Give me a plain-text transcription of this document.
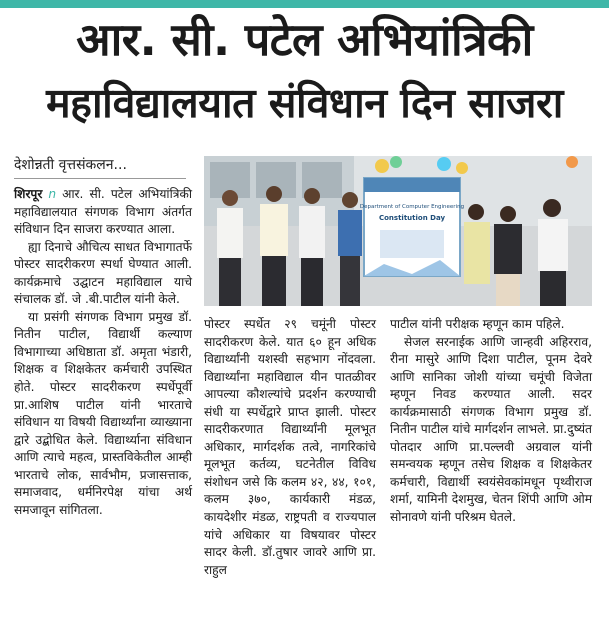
आर. सी. पटेल अभियांत्रिकी
महाविद्यालयात संविधान दिन साजरा
देशोन्नती वृत्तसंकलन...

शिरपूर n आर. सी. पटेल अभियांत्रिकी महाविद्यालयात संगणक विभाग अंतर्गत संविधान दिन साजरा करण्यात आला.

ह्या दिनाचे औचित्य साधत विभागातर्फे पोस्टर सादरीकरण स्पर्धा घेण्यात आली. कार्यक्रमाचे उद्घाटन महाविद्याल याचे संचालक डॉ. जे .बी.पाटील यांनी केले.

या प्रसंगी संगणक विभाग प्रमुख डॉ. नितीन पाटील, विद्यार्थी कल्याण विभागाच्या अधिष्ठाता डॉ. अमृता भंडारी, शिक्षक व शिक्षकेतर कर्मचारी उपस्थित होते. पोस्टर सादरीकरण स्पर्धेपूर्वी प्रा.आशिष पाटील यांनी भारताचे संविधान या विषयी विद्यार्थ्यांना व्याख्याना द्वारे उद्बोधित केले. विद्यार्थ्याना संविधान आणि त्याचे महत्व, प्रास्तविकेतील आम्ही भारताचे लोक, सार्वभौम, प्रजासत्ताक, समाजवाद, धर्मनिरपेक्ष यांचा अर्थ समजावून सांगितला.

Department of Computer Engineering
Constitution Day

पोस्टर स्पर्धेत २९ चमूंनी पोस्टर सादरीकरण केले. यात ६० हून अधिक विद्यार्थ्यांनी यशस्वी सहभाग नोंदवला. विद्यार्थ्यांना महाविद्याल यीन पातळीवर आपल्या कौशल्यांचे प्रदर्शन करण्याची संधी या स्पर्धेद्वारे प्राप्त झाली. पोस्टर सादरीकरणात विद्यार्थ्यांनी मूलभूत अधिकार, मार्गदर्शक तत्वे, नागरिकांचे मूलभूत कर्तव्य, घटनेतील विविध संशोधन जसे कि कलम ४२, ४४, १०१, कलम ३७०, कार्यकारी मंडळ, कायदेशीर मंडळ, राष्ट्रपती व राज्यपाल यांचे अधिकार या विषयावर पोस्टर सादर केली. डॉ.तुषार जावरे आणि प्रा. राहुल

पाटील यांनी परीक्षक म्हणून काम पहिले.

सेजल सरनाईक आणि जान्हवी अहिरराव, रीना मासुरे आणि दिशा पाटील, पूनम देवरे आणि सानिका जोशी यांच्या चमूंची विजेता म्हणून निवड करण्यात आली. सदर कार्यक्रमासाठी संगणक विभाग प्रमुख डॉ. नितीन पाटील यांचे मार्गदर्शन लाभले. प्रा.दुष्यंत पोतदार आणि प्रा.पल्लवी अग्रवाल यांनी समन्वयक म्हणून तसेच शिक्षक व शिक्षकेतर कर्मचारी, विद्यार्थी स्वयंसेवकांमधून पृथ्वीराज शर्मा, यामिनी देशमुख, चेतन शिंपी आणि ओम सोनावणे यांनी परिश्रम घेतले.
